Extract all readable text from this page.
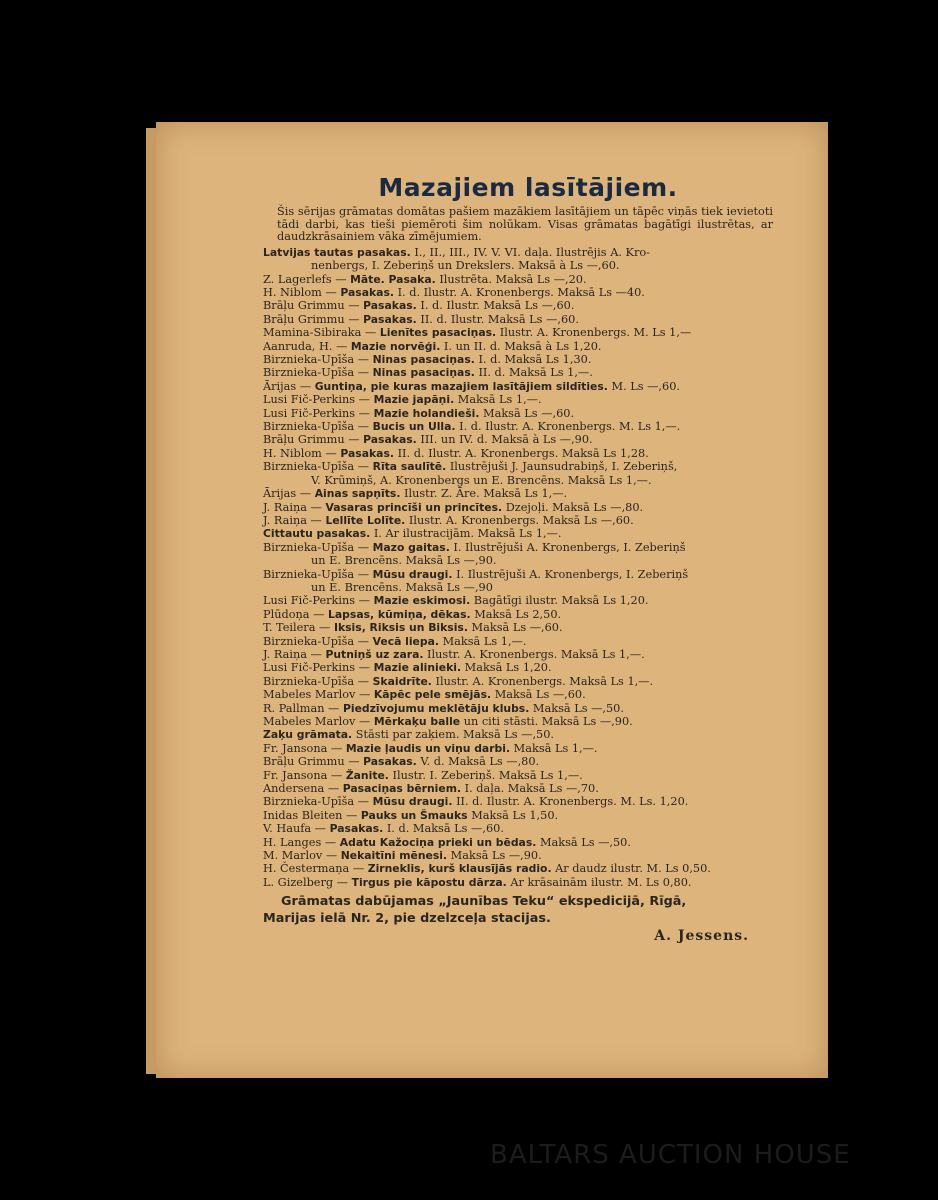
Mazajiem lasītājiem.
Šis sērijas grāmatas domātas pašiem mazākiem lasītājiem un tāpēc viņās tiek ievietoti tādi darbi, kas tieši piemēroti šim nolūkam. Visas grāmatas bagātīgi ilustrētas, ar daudzkrāsainiem vāka zīmējumiem.
Latvijas tautas pasakas. I., II., III., IV. V. VI. daļa. Ilustrējis A. Kro-
nenbergs, I. Zeberiņš un Drekslers. Maksā à Ls —,60.
Z. Lagerlefs — Māte. Pasaka. Ilustrēta. Maksā Ls —,20.
H. Niblom — Pasakas. I. d. Ilustr. A. Kronenbergs. Maksā Ls —40.
Brāļu Grimmu — Pasakas. I. d. Ilustr. Maksā Ls —,60.
Brāļu Grimmu — Pasakas. II. d. Ilustr. Maksā Ls —,60.
Mamina-Sibiraka — Lienītes pasaciņas. Ilustr. A. Kronenbergs. M. Ls 1,—
Aanruda, H. — Mazie norvēģi. I. un II. d. Maksā à Ls 1,20.
Birznieka-Upīša — Ninas pasaciņas. I. d. Maksā Ls 1,30.
Birznieka-Upīša — Ninas pasaciņas. II. d. Maksā Ls 1,—.
Ārijas — Guntiņa, pie kuras mazajiem lasītājiem sildīties. M. Ls —,60.
Lusi Fič-Perkins — Mazie japāņi. Maksā Ls 1,—.
Lusi Fič-Perkins — Mazie holandieši. Maksā Ls —,60.
Birznieka-Upīša — Bucis un Ulla. I. d. Ilustr. A. Kronenbergs. M. Ls 1,—.
Brāļu Grimmu — Pasakas. III. un IV. d. Maksā à Ls —,90.
H. Niblom — Pasakas. II. d. Ilustr. A. Kronenbergs. Maksā Ls 1,28.
Birznieka-Upīša — Rīta saulītē. Ilustrējuši J. Jaunsudrabiņš, I. Zeberiņš,
V. Krūmiņš, A. Kronenbergs un E. Brencēns. Maksā Ls 1,—.
Ārijas — Ainas sapņīts. Ilustr. Z. Āre. Maksā Ls 1,—.
J. Raiņa — Vasaras princīši un princītes. Dzejoļi. Maksā Ls —,80.
J. Raiņa — Lellīte Lolīte. Ilustr. A. Kronenbergs. Maksā Ls —,60.
Cittautu pasakas. I. Ar ilustracijām. Maksā Ls 1,—.
Birznieka-Upīša — Mazo gaitas. I. Ilustrējuši A. Kronenbergs, I. Zeberiņš
un E. Brencēns. Maksā Ls —,90.
Birznieka-Upīša — Mūsu draugi. I. Ilustrējuši A. Kronenbergs, I. Zeberiņš
un E. Brencēns. Maksā Ls —,90
Lusi Fič-Perkins — Mazie eskimosi. Bagātīgi ilustr. Maksā Ls 1,20.
Plūdoņa — Lapsas, kūmiņa, dēkas. Maksā Ls 2,50.
T. Teilera — Iksis, Riksis un Biksis. Maksā Ls —,60.
Birznieka-Upīša — Vecā liepa. Maksā Ls 1,—.
J. Raiņa — Putniņš uz zara. Ilustr. A. Kronenbergs. Maksā Ls 1,—.
Lusi Fič-Perkins — Mazie alinieki. Maksā Ls 1,20.
Birznieka-Upīša — Skaidrīte. Ilustr. A. Kronenbergs. Maksā Ls 1,—.
Mabeles Marlov — Kāpēc pele smējās. Maksā Ls —,60.
R. Pallman — Piedzīvojumu meklētāju klubs. Maksā Ls —,50.
Mabeles Marlov — Mērkaķu balle un citi stāsti. Maksā Ls —,90.
Zaķu grāmata. Stāsti par zaķiem. Maksā Ls —,50.
Fr. Jansona — Mazie ļaudis un viņu darbi. Maksā Ls 1,—.
Brāļu Grimmu — Pasakas. V. d. Maksā Ls —,80.
Fr. Jansona — Žanite. Ilustr. I. Zeberiņš. Maksā Ls 1,—.
Andersena — Pasaciņas bērniem. I. daļa. Maksā Ls —,70.
Birznieka-Upīša — Mūsu draugi. II. d. Ilustr. A. Kronenbergs. M. Ls. 1,20.
Inidas Bleiten — Pauks un Šmauks Maksā Ls 1,50.
V. Haufa — Pasakas. I. d. Maksā Ls —,60.
H. Langes — Adatu Kažociņa prieki un bēdas. Maksā Ls —,50.
M. Marlov — Nekaitīni mēnesi. Maksā Ls —,90.
H. Čestermaņa — Zirneklis, kurš klausījās radio. Ar daudz ilustr. M. Ls 0,50.
L. Gizelberg — Tirgus pie kāpostu dārza. Ar krāsainām ilustr. M. Ls 0,80.
Grāmatas dabūjamas „Jaunības Teku“ ekspedicijā, Rīgā,
Marijas ielā Nr. 2, pie dzelzceļa stacijas.
A. Jessens.
BALTARS AUCTION HOUSE
